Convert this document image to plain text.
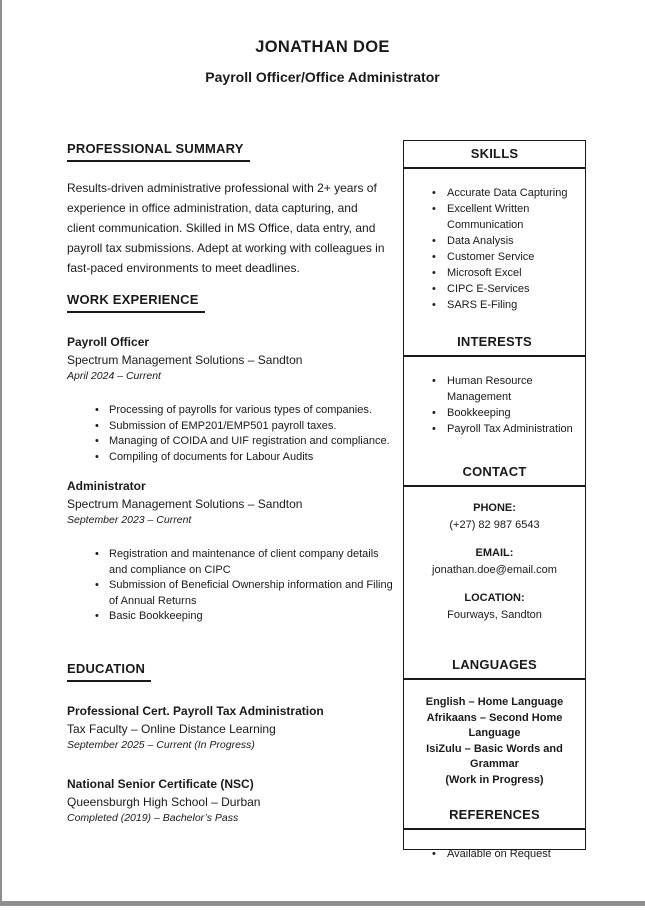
JONATHAN DOE
Payroll Officer/Office Administrator
PROFESSIONAL SUMMARY

Results-driven administrative professional with 2+ years of experience in office administration, data capturing, and client communication. Skilled in MS Office, data entry, and payroll tax submissions. Adept at working with colleagues in fast-paced environments to meet deadlines.

WORK EXPERIENCE
Payroll Officer
Spectrum Management Solutions – Sandton
April 2024 – Current
• Processing of payrolls for various types of companies.
• Submission of EMP201/EMP501 payroll taxes.
• Managing of COIDA and UIF registration and compliance.
• Compiling of documents for Labour Audits
Administrator
Spectrum Management Solutions – Sandton
September 2023 – Current
• Registration and maintenance of client company details and compliance on CIPC
• Submission of Beneficial Ownership information and Filing of Annual Returns
• Basic Bookkeeping
EDUCATION
Professional Cert. Payroll Tax Administration
Tax Faculty – Online Distance Learning
September 2025 – Current (In Progress)
National Senior Certificate (NSC)
Queensburgh High School – Durban
Completed (2019) – Bachelor’s Pass
SKILLS
• Accurate Data Capturing
• Excellent Written Communication
• Data Analysis
• Customer Service
• Microsoft Excel
• CIPC E-Services
• SARS E-Filing
INTERESTS
• Human Resource Management
• Bookkeeping
• Payroll Tax Administration
CONTACT
PHONE:
(+27) 82 987 6543
EMAIL:
jonathan.doe@email.com
LOCATION:
Fourways, Sandton
LANGUAGES
English – Home Language
Afrikaans – Second Home Language
IsiZulu – Basic Words and Grammar
(Work in Progress)
REFERENCES
• Available on Request
